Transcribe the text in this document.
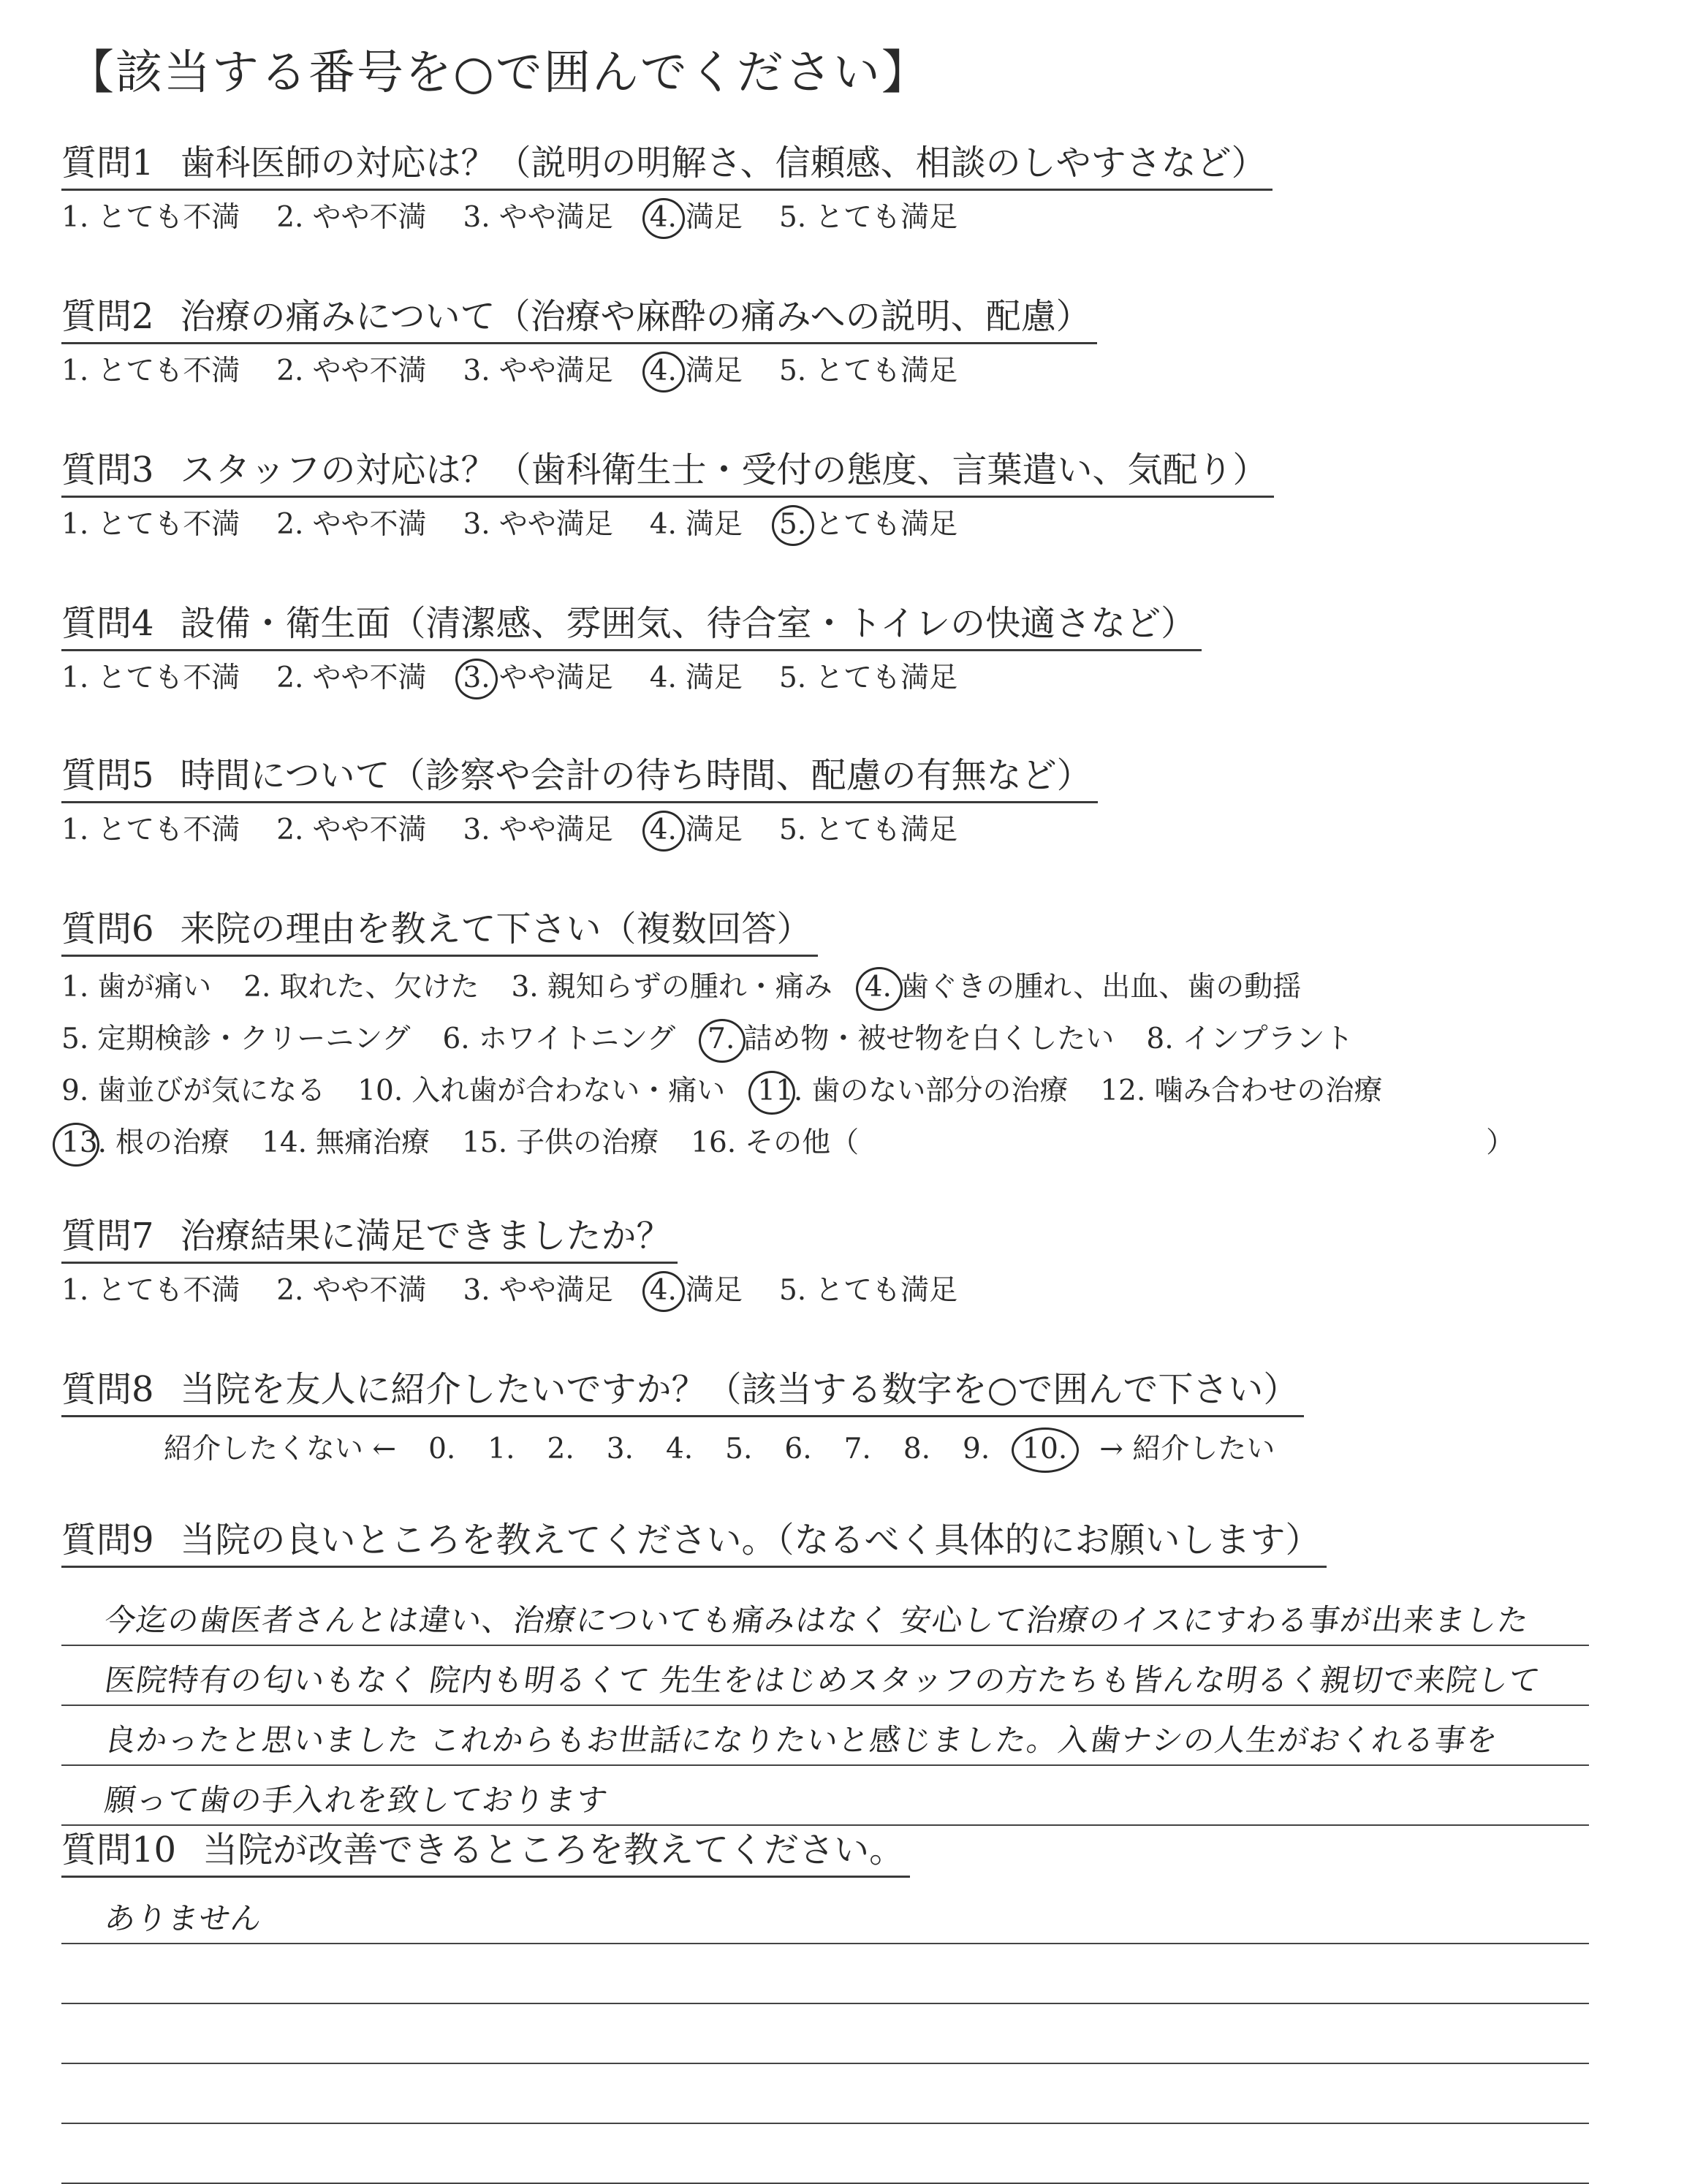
【該当する番号を○で囲んでください】
質問1 歯科医師の対応は？（説明の明解さ、信頼感、相談のしやすさなど）
1. とても不満 2. やや不満 3. やや満足 4. 満足 5. とても満足
質問2 治療の痛みについて（治療や麻酔の痛みへの説明、配慮）
1. とても不満 2. やや不満 3. やや満足 4. 満足 5. とても満足
質問3 スタッフの対応は？（歯科衛生士・受付の態度、言葉遣い、気配り）
1. とても不満 2. やや不満 3. やや満足 4. 満足 5. とても満足
質問4 設備・衛生面（清潔感、雰囲気、待合室・トイレの快適さなど）
1. とても不満 2. やや不満 3. やや満足 4. 満足 5. とても満足
質問5 時間について（診察や会計の待ち時間、配慮の有無など）
1. とても不満 2. やや不満 3. やや満足 4. 満足 5. とても満足
質問6 来院の理由を教えて下さい（複数回答）
1. 歯が痛い 2. 取れた、欠けた 3. 親知らずの腫れ・痛み 4. 歯ぐきの腫れ、出血、歯の動揺
5. 定期検診・クリーニング 6. ホワイトニング 7. 詰め物・被せ物を白くしたい 8. インプラント
9. 歯並びが気になる 10. 入れ歯が合わない・痛い 11. 歯のない部分の治療 12. 噛み合わせの治療
13. 根の治療 14. 無痛治療 15. 子供の治療 16. その他（　　　　　　　　　　　　　　　　　　　　　　）
質問7 治療結果に満足できましたか？
1. とても不満 2. やや不満 3. やや満足 4. 満足 5. とても満足
質問8 当院を友人に紹介したいですか？（該当する数字を○で囲んで下さい）
紹介したくない ← 0. 1. 2. 3. 4. 5. 6. 7. 8. 9. 10. → 紹介したい
質問9 当院の良いところを教えてください。（なるべく具体的にお願いします）
今迄の歯医者さんとは違い、治療についても痛みはなく 安心して治療のイスにすわる事が出来ました
医院特有の匂いもなく 院内も明るくて 先生をはじめスタッフの方たちも皆んな明るく親切で来院して
良かったと思いました これからもお世話になりたいと感じました。入歯ナシの人生がおくれる事を
願って歯の手入れを致しております
質問10 当院が改善できるところを教えてください。
ありません
